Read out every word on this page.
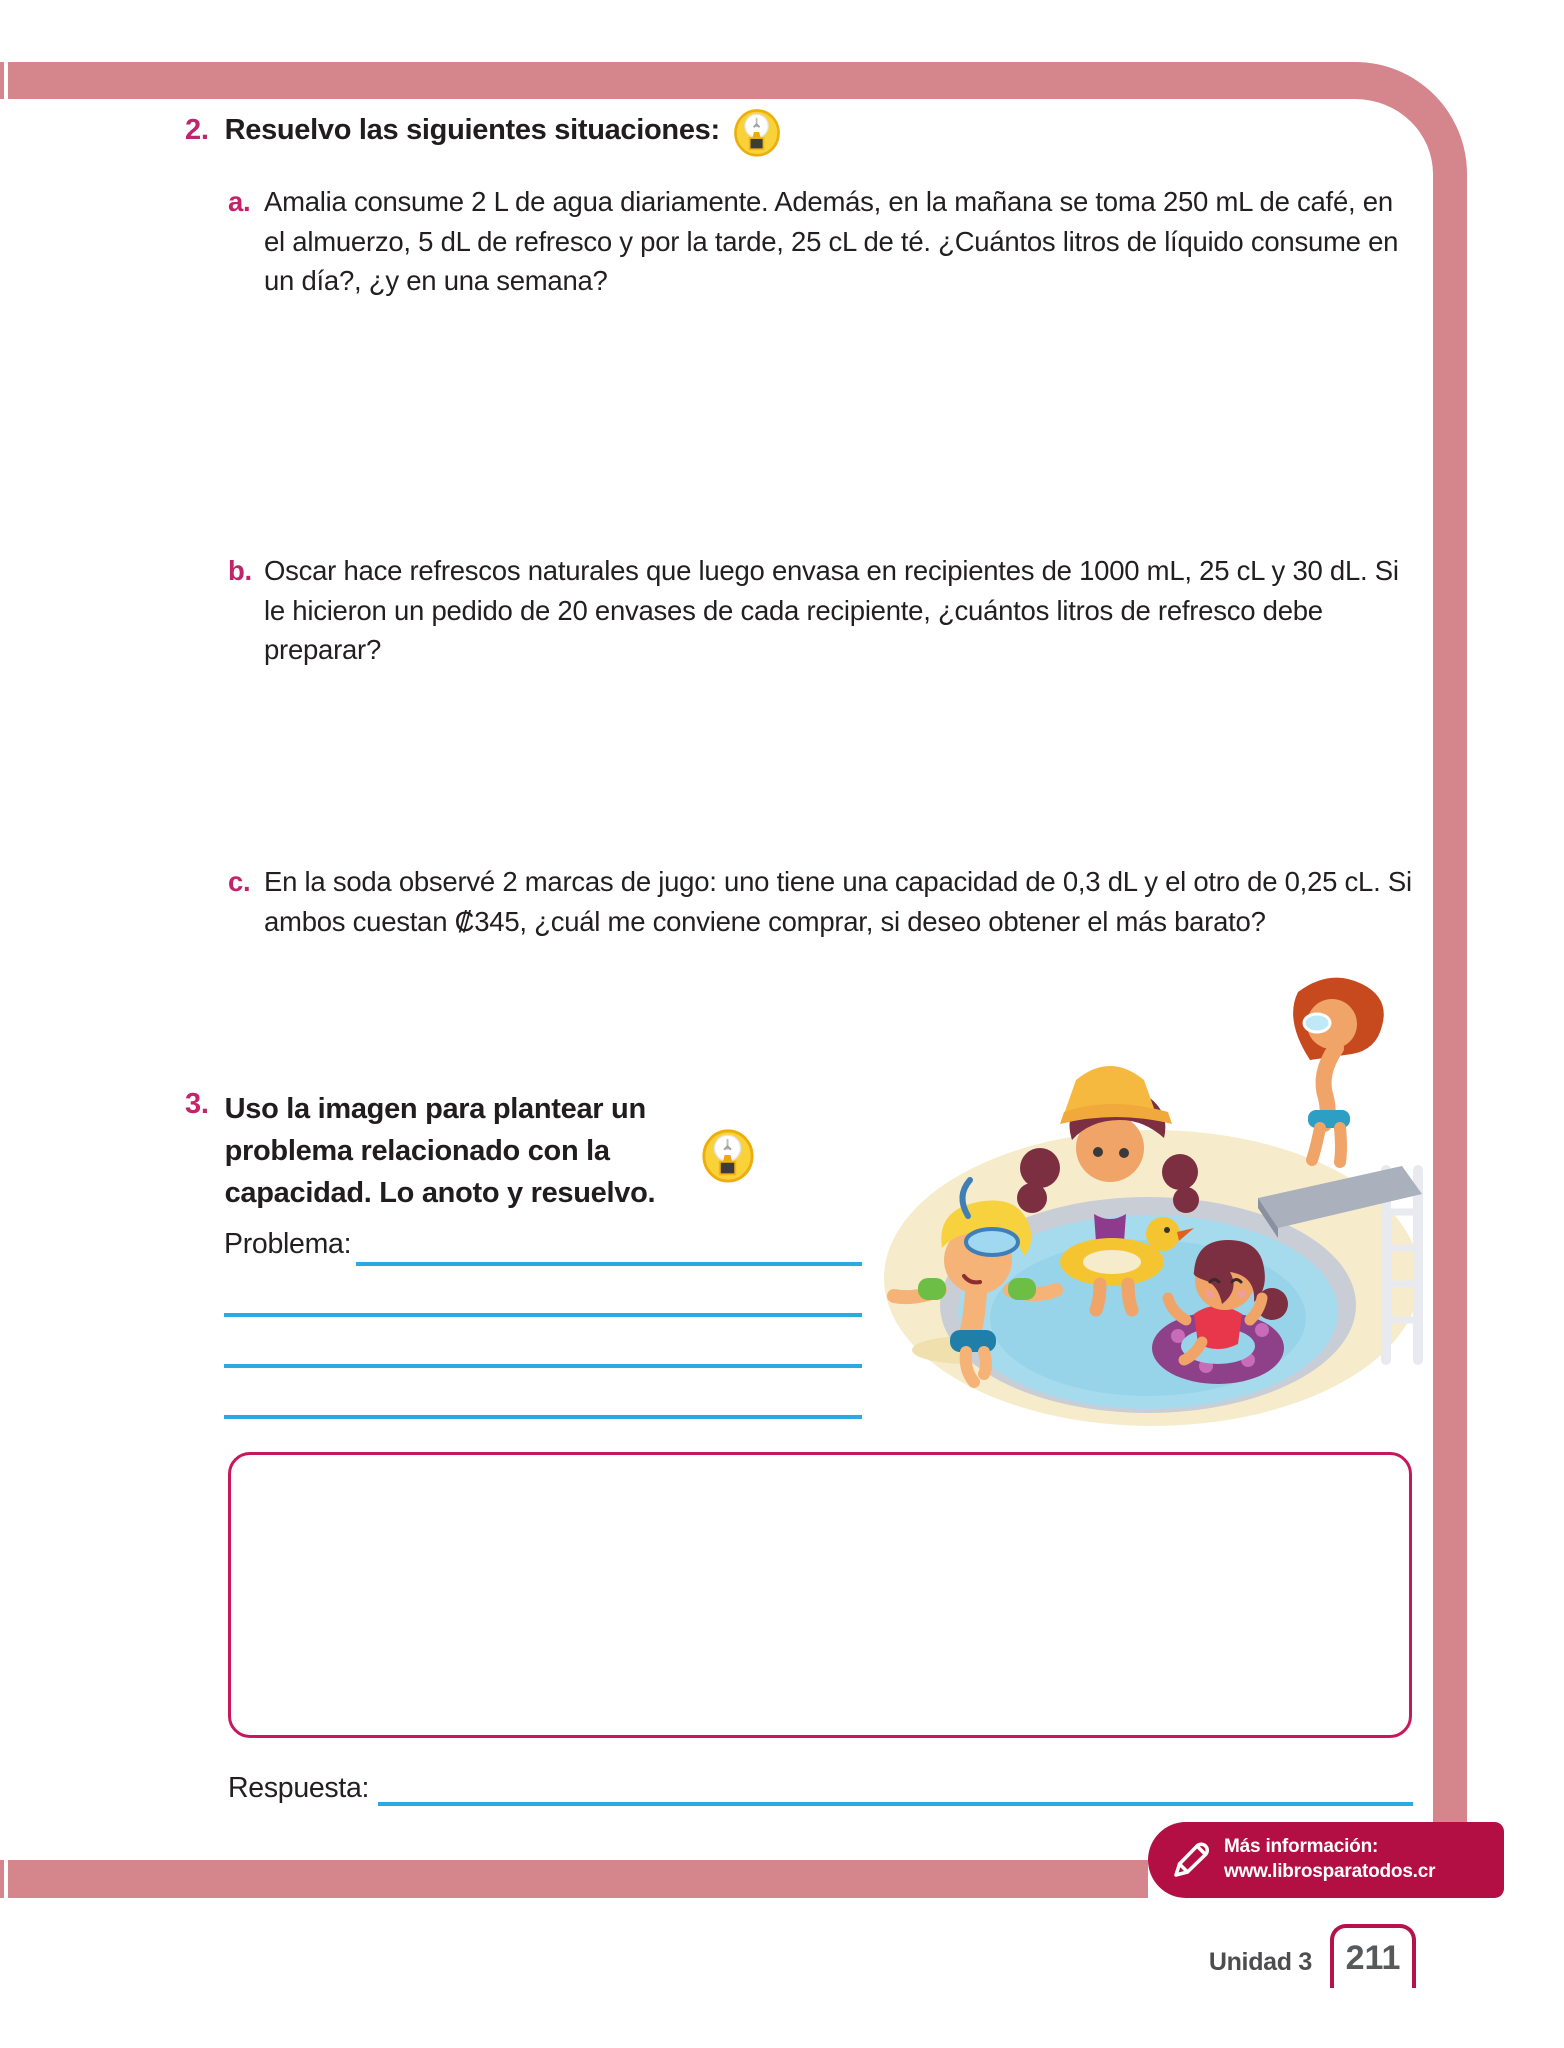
2. Resuelvo las siguientes situaciones:
a. Amalia consume 2 L de agua diariamente. Además, en la mañana se toma 250 mL de café, en el almuerzo, 5 dL de refresco y por la tarde, 25 cL de té. ¿Cuántos litros de líquido consume en un día?, ¿y en una semana?
b. Oscar hace refrescos naturales que luego envasa en recipientes de 1000 mL, 25 cL y 30 dL. Si le hicieron un pedido de 20 envases de cada recipiente, ¿cuántos litros de refresco debe preparar?
c. En la soda observé 2 marcas de jugo: uno tiene una capacidad de 0,3 dL y el otro de 0,25 cL. Si ambos cuestan ₡345, ¿cuál me conviene comprar, si deseo obtener el más barato?
3. Uso la imagen para plantear un problema relacionado con la capacidad. Lo anoto y resuelvo.
Problema:
Respuesta:
Más información:
www.librosparatodos.cr
Unidad 3 211
